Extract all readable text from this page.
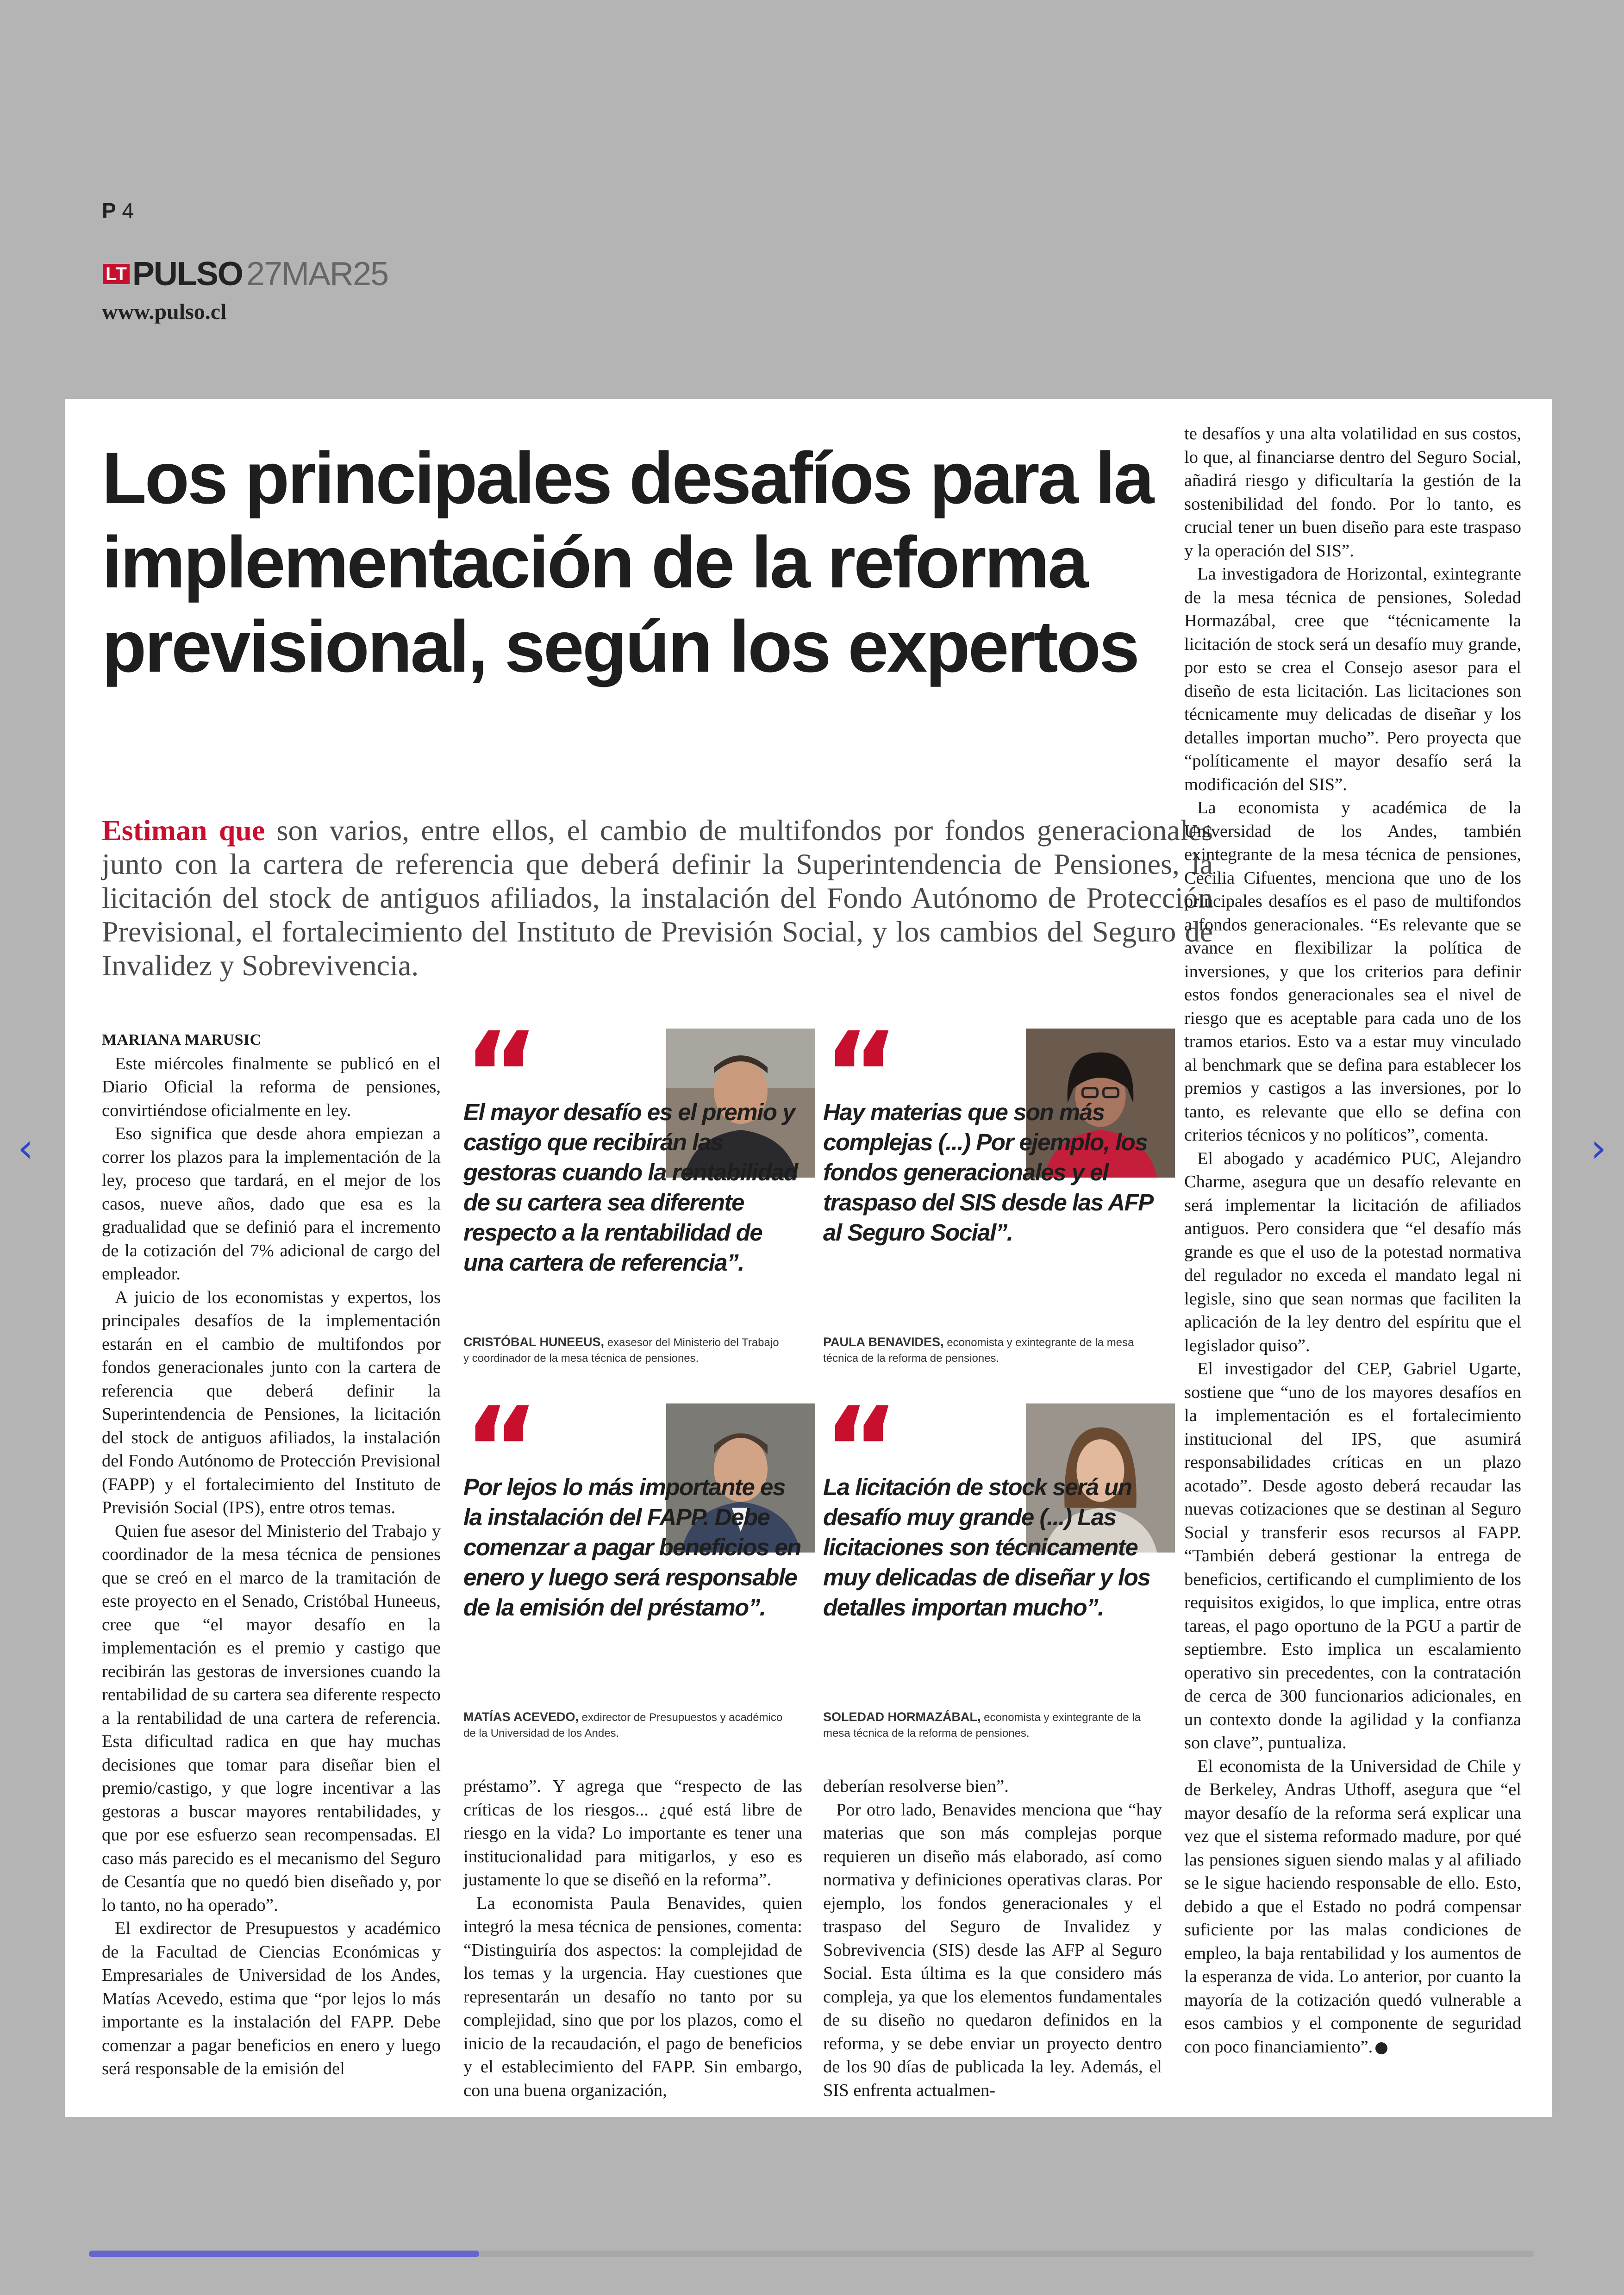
P 4
LT PULSO 27MAR25
www.pulso.cl
Los principales desafíos para la implementación de la reforma previsional, según los expertos

Estiman que son varios, entre ellos, el cambio de multifondos por fondos generacionales junto con la cartera de referencia que deberá definir la Superintendencia de Pensiones, la licitación del stock de antiguos afiliados, la instalación del Fondo Autónomo de Protección Previsional, el fortalecimiento del Instituto de Previsión Social, y los cambios del Seguro de Invalidez y Sobrevivencia.

MARIANA MARUSIC

Este miércoles finalmente se publicó en el Diario Oficial la reforma de pensiones, convirtiéndose oficialmente en ley.

Eso significa que desde ahora empiezan a correr los plazos para la implementación de la ley, proceso que tardará, en el mejor de los casos, nueve años, dado que esa es la gradualidad que se definió para el incremento de la cotización del 7% adicional de cargo del empleador.

A juicio de los economistas y expertos, los principales desafíos de la implementación estarán en el cambio de multifondos por fondos generacionales junto con la cartera de referencia que deberá definir la Superintendencia de Pensiones, la licitación del stock de antiguos afiliados, la instalación del Fondo Autónomo de Protección Previsional (FAPP) y el fortalecimiento del Instituto de Previsión Social (IPS), entre otros temas.

Quien fue asesor del Ministerio del Trabajo y coordinador de la mesa técnica de pensiones que se creó en el marco de la tramitación de este proyecto en el Senado, Cristóbal Huneeus, cree que “el mayor desafío en la implementación es el premio y castigo que recibirán las gestoras de inversiones cuando la rentabilidad de su cartera sea diferente respecto a la rentabilidad de una cartera de referencia. Esta dificultad radica en que hay muchas decisiones que tomar para diseñar bien el premio/castigo, y que logre incentivar a las gestoras a buscar mayores rentabilidades, y que por ese esfuerzo sean recompensadas. El caso más parecido es el mecanismo del Seguro de Cesantía que no quedó bien diseñado y, por lo tanto, no ha operado”.

El exdirector de Presupuestos y académico de la Facultad de Ciencias Económicas y Empresariales de Universidad de los Andes, Matías Acevedo, estima que “por lejos lo más importante es la instalación del FAPP. Debe comenzar a pagar beneficios en enero y luego será responsable de la emisión del

“
El mayor desafío es el premio y castigo que recibirán las gestoras cuando la rentabilidad de su cartera sea diferente respecto a la rentabilidad de una cartera de referencia”.
CRISTÓBAL HUNEEUS, exasesor del Ministerio del Trabajo y coordinador de la mesa técnica de pensiones.
“
Hay materias que son más complejas (...) Por ejemplo, los fondos generacionales y el traspaso del SIS desde las AFP al Seguro Social”.
PAULA BENAVIDES, economista y exintegrante de la mesa técnica de la reforma de pensiones.
“
Por lejos lo más importante es la instalación del FAPP. Debe comenzar a pagar beneficios en enero y luego será responsable de la emisión del préstamo”.
MATÍAS ACEVEDO, exdirector de Presupuestos y académico de la Universidad de los Andes.
“
La licitación de stock será un desafío muy grande (...) Las licitaciones son técnicamente muy delicadas de diseñar y los detalles importan mucho”.
SOLEDAD HORMAZÁBAL, economista y exintegrante de la mesa técnica de la reforma de pensiones.

préstamo”. Y agrega que “respecto de las críticas de los riesgos... ¿qué está libre de riesgo en la vida? Lo importante es tener una institucionalidad para mitigarlos, y eso es justamente lo que se diseñó en la reforma”.

La economista Paula Benavides, quien integró la mesa técnica de pensiones, comenta: “Distinguiría dos aspectos: la complejidad de los temas y la urgencia. Hay cuestiones que representarán un desafío no tanto por su complejidad, sino que por los plazos, como el inicio de la recaudación, el pago de beneficios y el establecimiento del FAPP. Sin embargo, con una buena organización,

deberían resolverse bien”.

Por otro lado, Benavides menciona que “hay materias que son más complejas porque requieren un diseño más elaborado, así como normativa y definiciones operativas claras. Por ejemplo, los fondos generacionales y el traspaso del Seguro de Invalidez y Sobrevivencia (SIS) desde las AFP al Seguro Social. Esta última es la que considero más compleja, ya que los elementos fundamentales de su diseño no quedaron definidos en la reforma, y se debe enviar un proyecto dentro de los 90 días de publicada la ley. Además, el SIS enfrenta actualmen-

te desafíos y una alta volatilidad en sus costos, lo que, al financiarse dentro del Seguro Social, añadirá riesgo y dificultaría la gestión de la sostenibilidad del fondo. Por lo tanto, es crucial tener un buen diseño para este traspaso y la operación del SIS”.

La investigadora de Horizontal, exintegrante de la mesa técnica de pensiones, Soledad Hormazábal, cree que “técnicamente la licitación de stock será un desafío muy grande, por esto se crea el Consejo asesor para el diseño de esta licitación. Las licitaciones son técnicamente muy delicadas de diseñar y los detalles importan mucho”. Pero proyecta que “políticamente el mayor desafío será la modificación del SIS”.

La economista y académica de la Universidad de los Andes, también exintegrante de la mesa técnica de pensiones, Cecilia Cifuentes, menciona que uno de los principales desafíos es el paso de multifondos a fondos generacionales. “Es relevante que se avance en flexibilizar la política de inversiones, y que los criterios para definir estos fondos generacionales sea el nivel de riesgo que es aceptable para cada uno de los tramos etarios. Esto va a estar muy vinculado al benchmark que se defina para establecer los premios y castigos a las inversiones, por lo tanto, es relevante que ello se defina con criterios técnicos y no políticos”, comenta.

El abogado y académico PUC, Alejandro Charme, asegura que un desafío relevante en será implementar la licitación de afiliados antiguos. Pero considera que “el desafío más grande es que el uso de la potestad normativa del regulador no exceda el mandato legal ni legisle, sino que sean normas que faciliten la aplicación de la ley dentro del espíritu que el legislador quiso”.

El investigador del CEP, Gabriel Ugarte, sostiene que “uno de los mayores desafíos en la implementación es el fortalecimiento institucional del IPS, que asumirá responsabilidades críticas en un plazo acotado”. Desde agosto deberá recaudar las nuevas cotizaciones que se destinan al Seguro Social y transferir esos recursos al FAPP. “También deberá gestionar la entrega de beneficios, certificando el cumplimiento de los requisitos exigidos, lo que implica, entre otras tareas, el pago oportuno de la PGU a partir de septiembre. Esto implica un escalamiento operativo sin precedentes, con la contratación de cerca de 300 funcionarios adicionales, en un contexto donde la agilidad y la confianza son clave”, puntualiza.

El economista de la Universidad de Chile y de Berkeley, Andras Uthoff, asegura que “el mayor desafío de la reforma será explicar una vez que el sistema reformado madure, por qué las pensiones siguen siendo malas y al afiliado se le sigue haciendo responsable de ello. Esto, debido a que el Estado no podrá compensar suficiente por las malas condiciones de empleo, la baja rentabilidad y los aumentos de la esperanza de vida. Lo anterior, por cuanto la mayoría de la cotización quedó vulnerable a esos cambios y el componente de seguridad con poco financiamiento”.

‹	›
